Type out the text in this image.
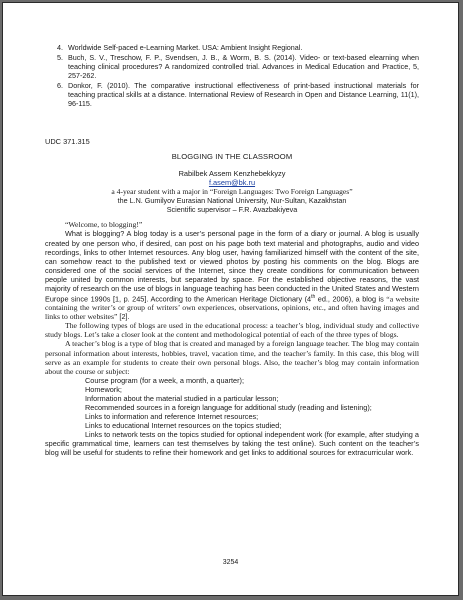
4. Worldwide Self-paced e-Learning Market. USA: Ambient Insight Regional.
5. Buch, S. V., Treschow, F. P., Svendsen, J. B., & Worm, B. S. (2014). Video- or text-based elearning when teaching clinical procedures? A randomized controlled trial. Advances in Medical Education and Practice, 5, 257-262.
6. Donkor, F. (2010). The comparative instructional effectiveness of print-based instructional materials for teaching practical skills at a distance. International Review of Research in Open and Distance Learning, 11(1), 96-115.
UDC 371.315
BLOGGING IN THE CLASSROOM
Rabilbek Assem Kenzhebekkyzy
f.asem@bk.ru
a 4-year student with a major in “Foreign Languages: Two Foreign Languages”
the L.N. Gumilyov Eurasian National University, Nur-Sultan, Kazakhstan
Scientific supervisor – F.R. Avazbakiyeva

“Welcome, to blogging!”

What is blogging? A blog today is a user’s personal page in the form of a diary or journal. A blog is usually created by one person who, if desired, can post on his page both text material and photographs, audio and video recordings, links to other Internet resources. Any blog user, having familiarized himself with the content of the site, can somehow react to the published text or viewed photos by posting his comments on the blog. Blogs are considered one of the social services of the Internet, since they create conditions for communication between people united by common interests, but separated by space. For the established objective reasons, the vast majority of research on the use of blogs in language teaching has been conducted in the United States and Western Europe since 1990s [1, p. 245]. According to the American Heritage Dictionary (4th ed., 2006), a blog is “a website containing the writer’s or group of writers’ own experiences, observations, opinions, etc., and often having images and links to other websites” [2].

The following types of blogs are used in the educational process: a teacher’s blog, individual study and collective study blogs. Let’s take a closer look at the content and methodological potential of each of the three types of blogs.

A teacher’s blog is a type of blog that is created and managed by a foreign language teacher. The blog may contain personal information about interests, hobbies, travel, vacation time, and the teacher’s family. In this case, this blog will serve as an example for students to create their own personal blogs. Also, the teacher’s blog may contain information about the course or subject:

Course program (for a week, a month, a quarter);
Homework;
Information about the material studied in a particular lesson;
Recommended sources in a foreign language for additional study (reading and listening);
Links to information and reference Internet resources;
Links to educational Internet resources on the topics studied;
Links to network tests on the topics studied for optional independent work (for example, after studying a specific grammatical time, learners can test themselves by taking the test online). Such content on the teacher’s blog will be useful for students to refine their homework and get links to additional sources for extracurricular work.
3254
